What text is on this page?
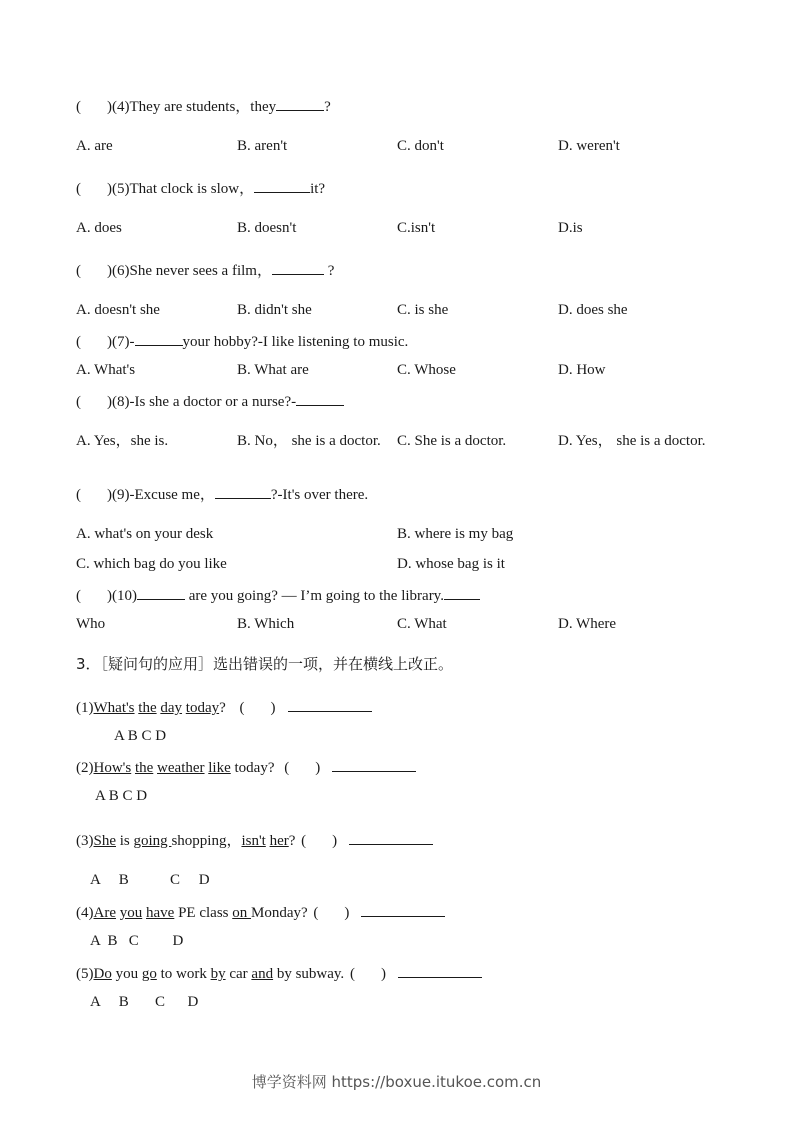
( )(4)They are students，they	?
A. are	B. aren't	C. don't	D. weren't
( )(5)That clock is slow，	it?
A. does	B. doesn't	C.isn't	D.is
( )(6)She never sees a film，	?
A. doesn't she	B. didn't she	C. is she	D. does she
( )(7)-	your hobby?-I like listening to music.
A. What's	B. What are	C. Whose	D. How
( )(8)-Is she a doctor or a nurse?-
A. Yes，she is.	B. No， she is a doctor. C. She is a doctor.	D. Yes， she is a doctor.
( )(9)-Excuse me，	?-It's over there.
A. what's on your desk	B. where is my bag
C. which bag do you like	D. whose bag is it
( )(10)	are you going? — I’m going to the library.
Who	B. Which	C. What	D. Where
3．［疑问句的应用］选出错误的一项，并在横线上改正。
(1)What's the day today? ( )
A B C D
(2)How's the weather like today? ( )
A B C D
(3)She is going shopping，isn't her? ( )
A     B           C     D
(4)Are you have PE class on Monday? ( )
A  B   C         D
(5)Do you go to work by car and by subway. ( )
A     B       C      D
博学资料网 https://boxue.itukoe.com.cn
